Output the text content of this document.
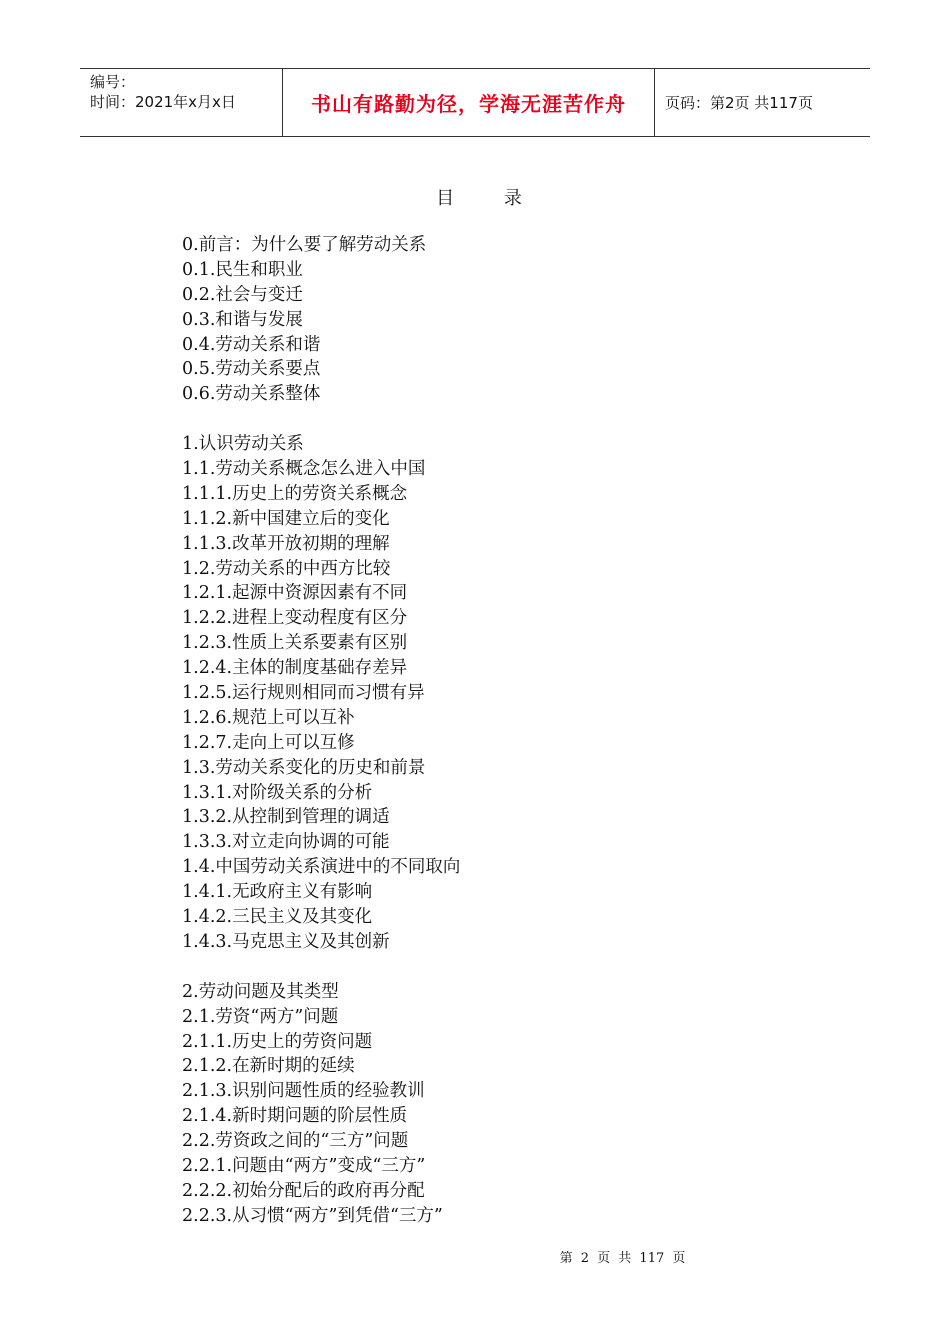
编号：
时间：2021年x月x日	书山有路勤为径，学海无涯苦作舟	页码：第2页 共117页
目 录
0.前言：为什么要了解劳动关系
0.1.民生和职业
0.2.社会与变迁
0.3.和谐与发展
0.4.劳动关系和谐
0.5.劳动关系要点
0.6.劳动关系整体
1.认识劳动关系
1.1.劳动关系概念怎么进入中国
1.1.1.历史上的劳资关系概念
1.1.2.新中国建立后的变化
1.1.3.改革开放初期的理解
1.2.劳动关系的中西方比较
1.2.1.起源中资源因素有不同
1.2.2.进程上变动程度有区分
1.2.3.性质上关系要素有区别
1.2.4.主体的制度基础存差异
1.2.5.运行规则相同而习惯有异
1.2.6.规范上可以互补
1.2.7.走向上可以互修
1.3.劳动关系变化的历史和前景
1.3.1.对阶级关系的分析
1.3.2.从控制到管理的调适
1.3.3.对立走向协调的可能
1.4.中国劳动关系演进中的不同取向
1.4.1.无政府主义有影响
1.4.2.三民主义及其变化
1.4.3.马克思主义及其创新
2.劳动问题及其类型
2.1.劳资“两方”问题
2.1.1.历史上的劳资问题
2.1.2.在新时期的延续
2.1.3.识别问题性质的经验教训
2.1.4.新时期问题的阶层性质
2.2.劳资政之间的“三方”问题
2.2.1.问题由“两方”变成“三方”
2.2.2.初始分配后的政府再分配
2.2.3.从习惯“两方”到凭借“三方”
第 2 页 共 117 页
